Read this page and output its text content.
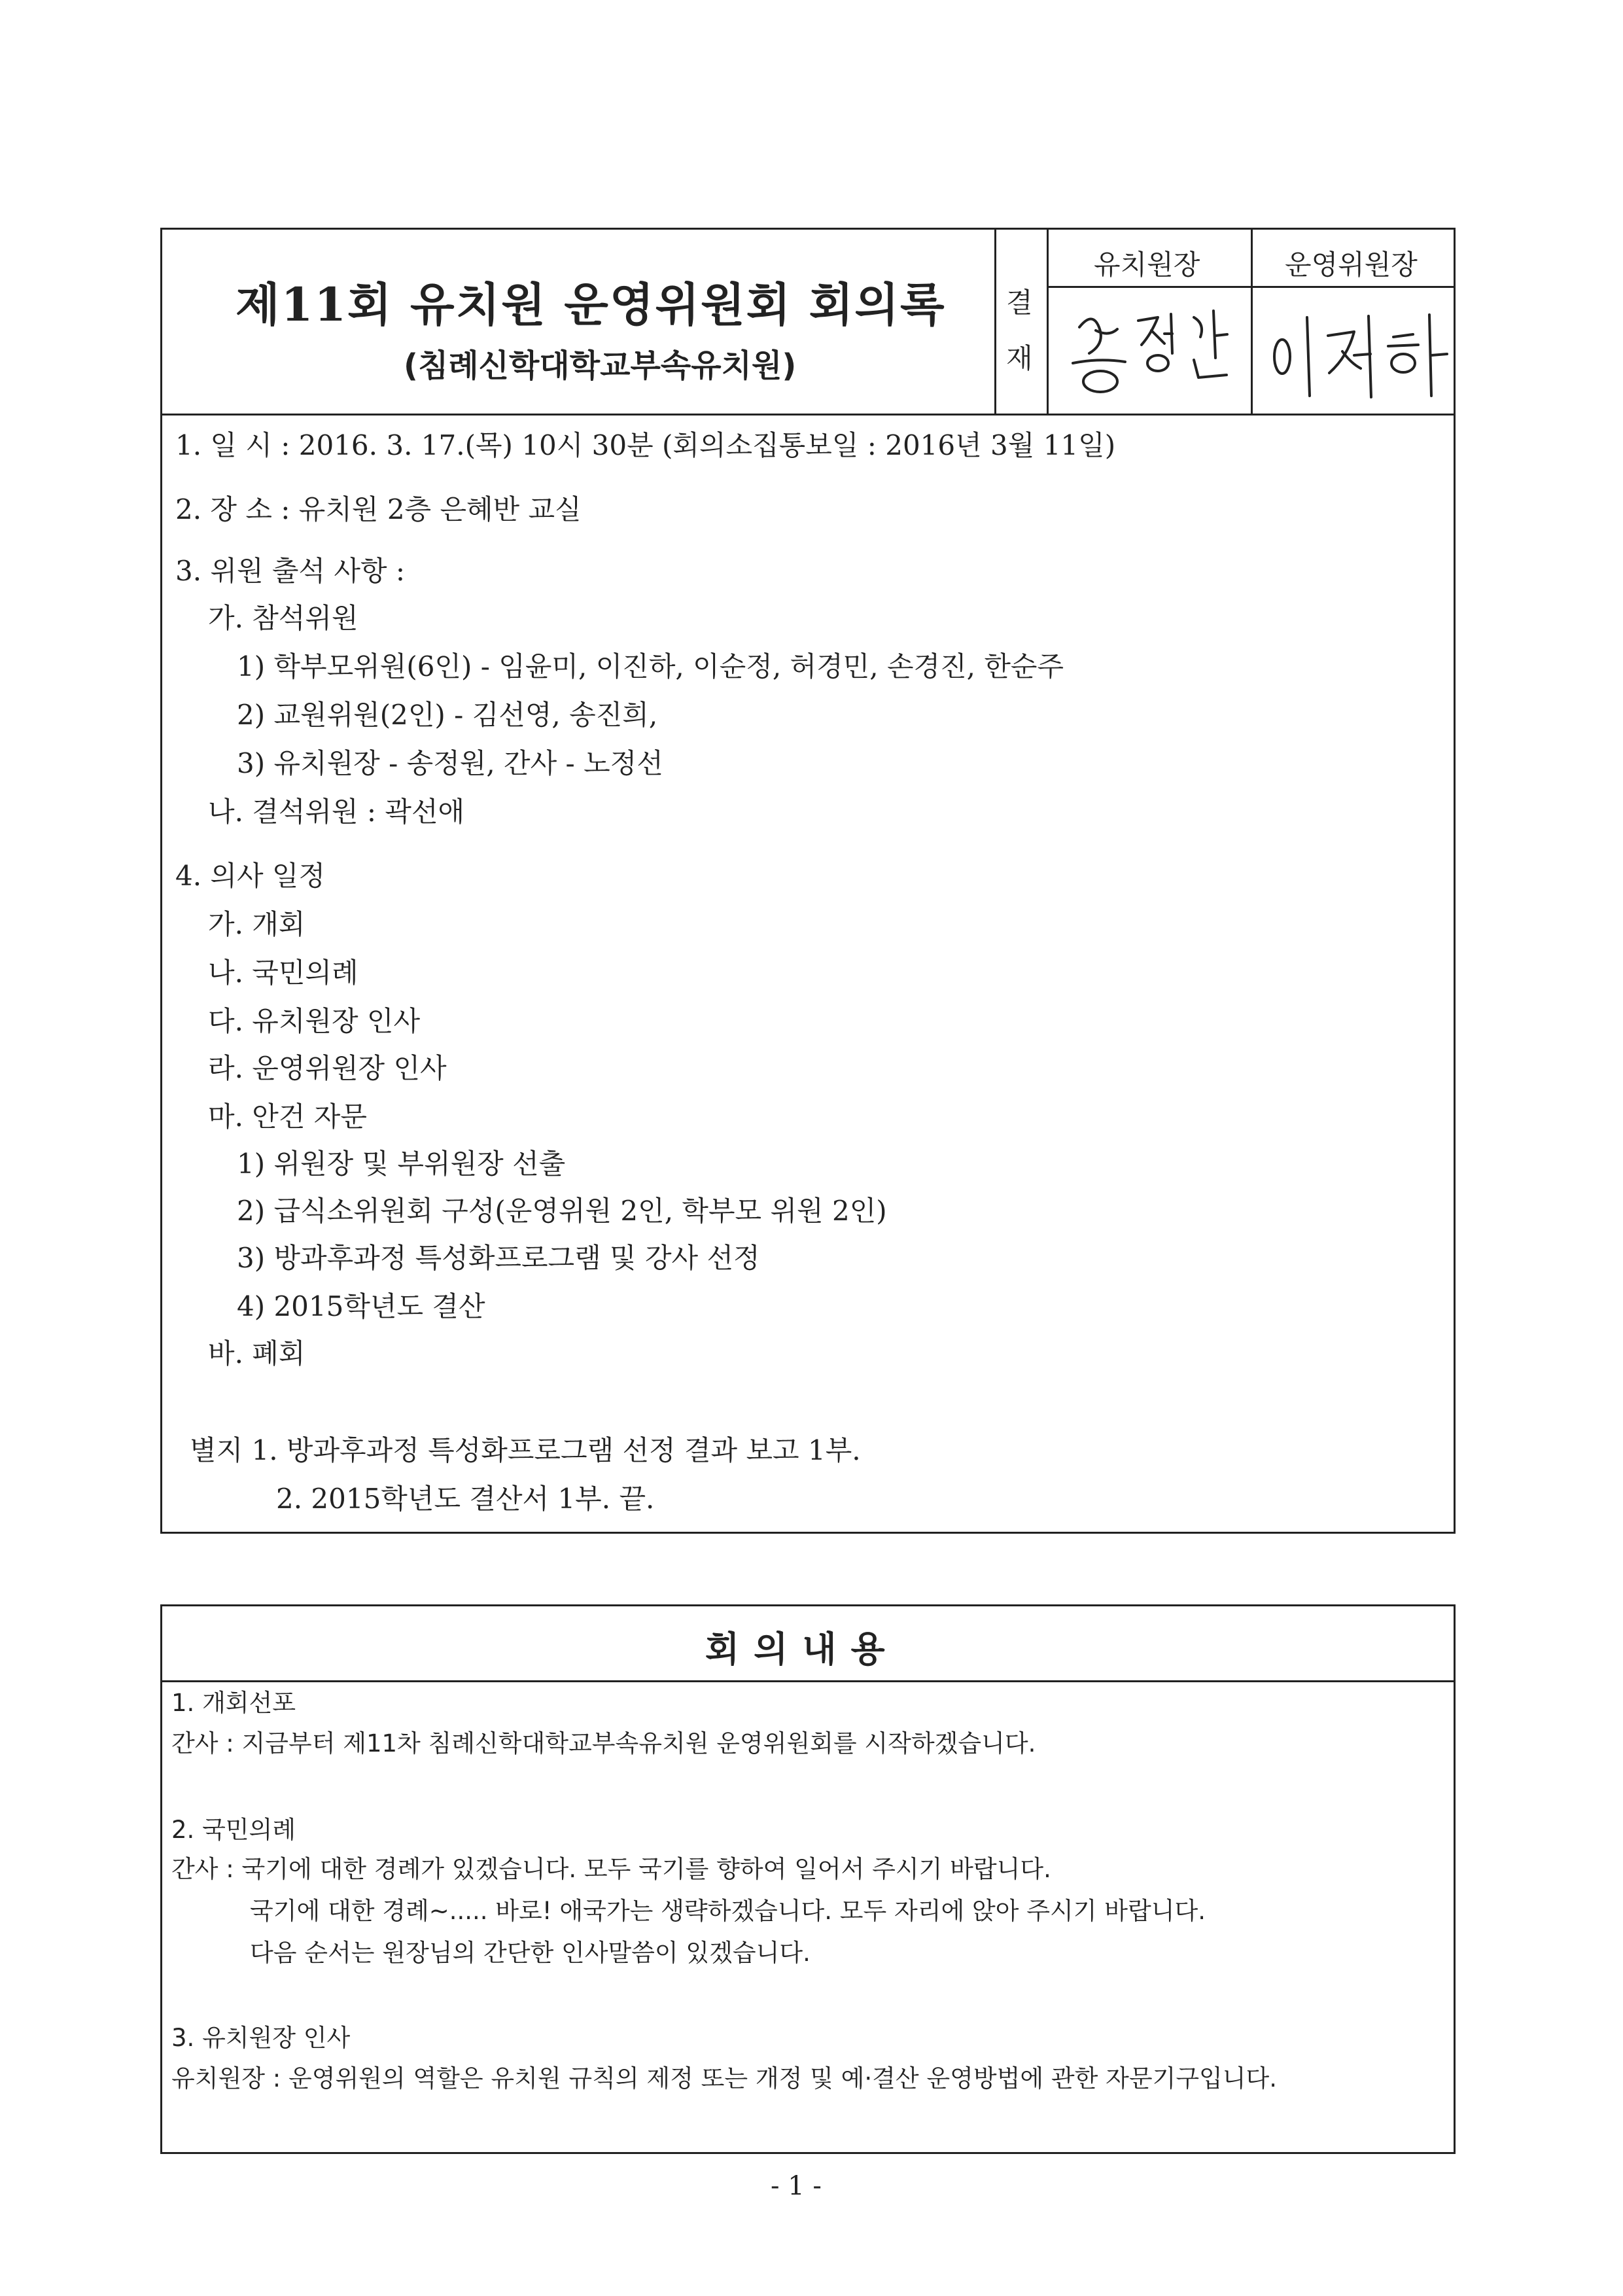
제11회 유치원 운영위원회 회의록
(침례신학대학교부속유치원)
결
재
유치원장	운영위원장
1. 일 시 : 2016. 3. 17.(목) 10시 30분 (회의소집통보일 : 2016년 3월 11일)
2. 장 소 : 유치원 2층 은혜반 교실
3. 위원 출석 사항 :
가. 참석위원
1) 학부모위원(6인) - 임윤미, 이진하, 이순정, 허경민, 손경진, 한순주
2) 교원위원(2인) - 김선영, 송진희,
3) 유치원장 - 송정원, 간사 - 노정선
나. 결석위원 : 곽선애
4. 의사 일정
가. 개회
나. 국민의례
다. 유치원장 인사
라. 운영위원장 인사
마. 안건 자문
1) 위원장 및 부위원장 선출
2) 급식소위원회 구성(운영위원 2인, 학부모 위원 2인)
3) 방과후과정 특성화프로그램 및 강사 선정
4) 2015학년도 결산
바. 폐회
별지 1. 방과후과정 특성화프로그램 선정 결과 보고 1부.
2. 2015학년도 결산서 1부. 끝.
회의내용
1. 개회선포
간사 : 지금부터 제11차 침례신학대학교부속유치원 운영위원회를 시작하겠습니다.
2. 국민의례
간사 : 국기에 대한 경례가 있겠습니다. 모두 국기를 향하여 일어서 주시기 바랍니다.
국기에 대한 경례~..... 바로! 애국가는 생략하겠습니다. 모두 자리에 앉아 주시기 바랍니다.
다음 순서는 원장님의 간단한 인사말씀이 있겠습니다.
3. 유치원장 인사
유치원장 : 운영위원의 역할은 유치원 규칙의 제정 또는 개정 및 예·결산 운영방법에 관한 자문기구입니다.
- 1 -
